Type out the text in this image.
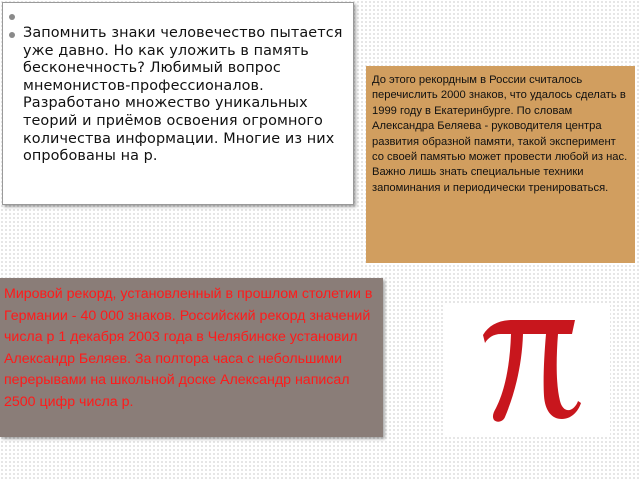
Запомнить знаки человечество пытается уже давно. Но как уложить в память бесконечность? Любимый вопрос мнемонистов-профессионалов. Разработано множество уникальных теорий и приёмов освоения огромного количества информации. Многие из них опробованы на р.
До этого рекордным в России считалось перечислить 2000 знаков, что удалось сделать в 1999 году в Екатеринбурге. По словам Александра Беляева - руководителя центра развития образной памяти, такой эксперимент со своей памятью может провести любой из нас. Важно лишь знать специальные техники запоминания и периодически тренироваться.
Мировой рекорд, установленный в прошлом столетии в Германии - 40 000 знаков. Российский рекорд значений числа р 1 декабря 2003 года в Челябинске установил Александр Беляев. За полтора часа с небольшими перерывами на школьной доске Александр написал 2500 цифр числа р.
